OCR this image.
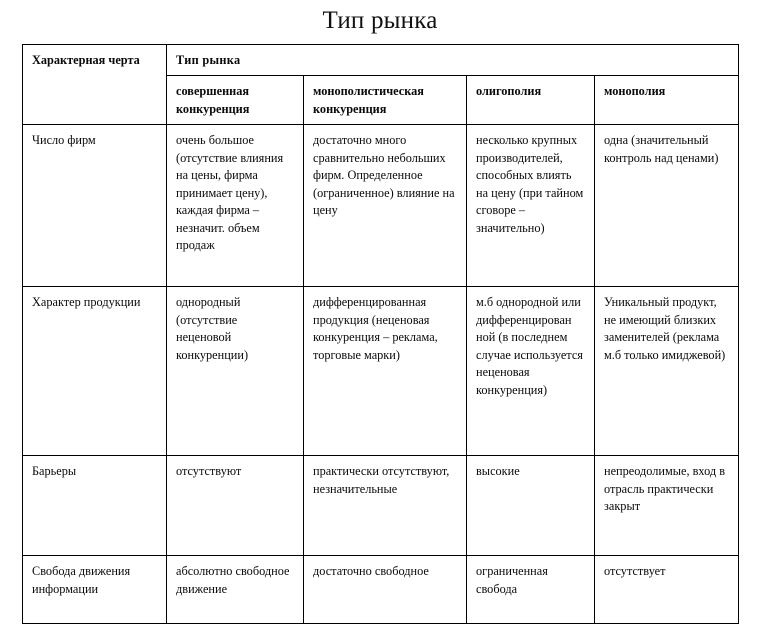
Тип рынка
Характерная черта	Тип рынка			
	совершенная конкуренция	монополистическая конкуренция	олигополия	монополия
Число фирм	очень большое (отсутствие влияния на цены, фирма принимает цену), каждая фирма – незначит. объем продаж	достаточно много сравнительно небольших фирм. Определенное (ограниченное) влияние на цену	несколько крупных производителей, способных влиять на цену (при тайном сговоре – значительно)	одна (значительный контроль над ценами)
Характер продукции	однородный (отсутствие неценовой конкуренции)	дифференцированная продукция (неценовая конкуренция – реклама, торговые марки)	м.б однородной или дифференцирован ной (в последнем случае используется неценовая конкуренция)	Уникальный продукт, не имеющий близких заменителей (реклама м.б только имиджевой)
Барьеры	отсутствуют	практически отсутствуют, незначительные	высокие	непреодолимые, вход в отрасль практически закрыт
Свобода движения информации	абсолютно свободное движение	достаточно свободное	ограниченная свобода	отсутствует
